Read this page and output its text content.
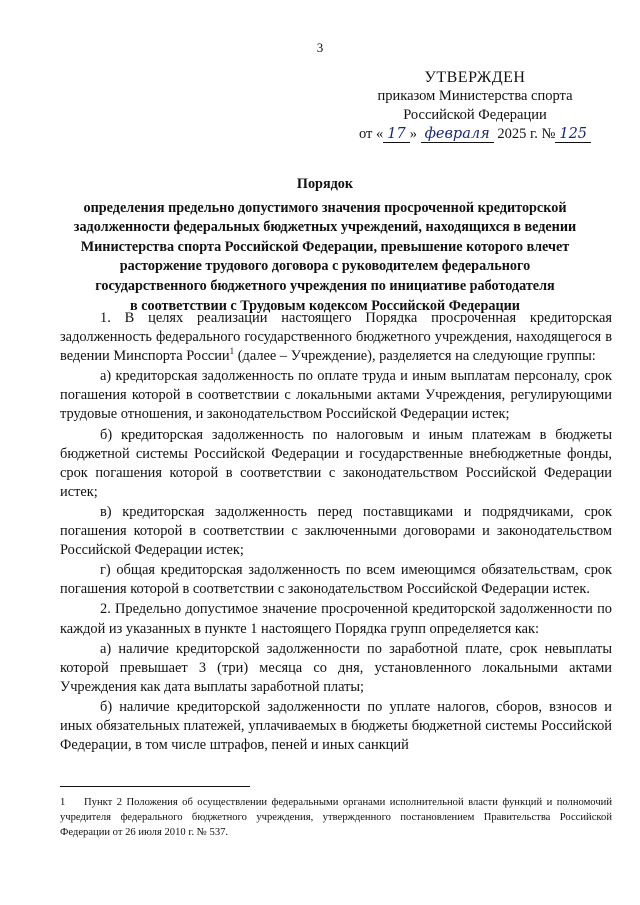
3
УТВЕРЖДЕН
приказом Министерства спорта
Российской Федерации
от « 17 » февраля 2025 г. № 125
Порядок
определения предельно допустимого значения просроченной кредиторской
задолженности федеральных бюджетных учреждений, находящихся в ведении
Министерства спорта Российской Федерации, превышение которого влечет
расторжение трудового договора с руководителем федерального
государственного бюджетного учреждения по инициативе работодателя
в соответствии с Трудовым кодексом Российской Федерации

1. В целях реализации настоящего Порядка просроченная кредиторская задолженность федерального государственного бюджетного учреждения, находящегося в ведении Минспорта России$^1$ (далее – Учреждение), разделяется на следующие группы:

а) кредиторская задолженность по оплате труда и иным выплатам персоналу, срок погашения которой в соответствии с локальными актами Учреждения, регулирующими трудовые отношения, и законодательством Российской Федерации истек;

б) кредиторская задолженность по налоговым и иным платежам в бюджеты бюджетной системы Российской Федерации и государственные внебюджетные фонды, срок погашения которой в соответствии с законодательством Российской Федерации истек;

в) кредиторская задолженность перед поставщиками и подрядчиками, срок погашения которой в соответствии с заключенными договорами и законодательством Российской Федерации истек;

г) общая кредиторская задолженность по всем имеющимся обязательствам, срок погашения которой в соответствии с законодательством Российской Федерации истек.

2. Предельно допустимое значение просроченной кредиторской задолженности по каждой из указанных в пункте 1 настоящего Порядка групп определяется как:

а) наличие кредиторской задолженности по заработной плате, срок невыплаты которой превышает 3 (три) месяца со дня, установленного локальными актами Учреждения как дата выплаты заработной платы;

б) наличие кредиторской задолженности по уплате налогов, сборов, взносов и иных обязательных платежей, уплачиваемых в бюджеты бюджетной системы Российской Федерации, в том числе штрафов, пеней и иных санкций

1 Пункт 2 Положения об осуществлении федеральными органами исполнительной власти функций и полномочий учредителя федерального бюджетного учреждения, утвержденного постановлением Правительства Российской Федерации от 26 июля 2010 г. № 537.
